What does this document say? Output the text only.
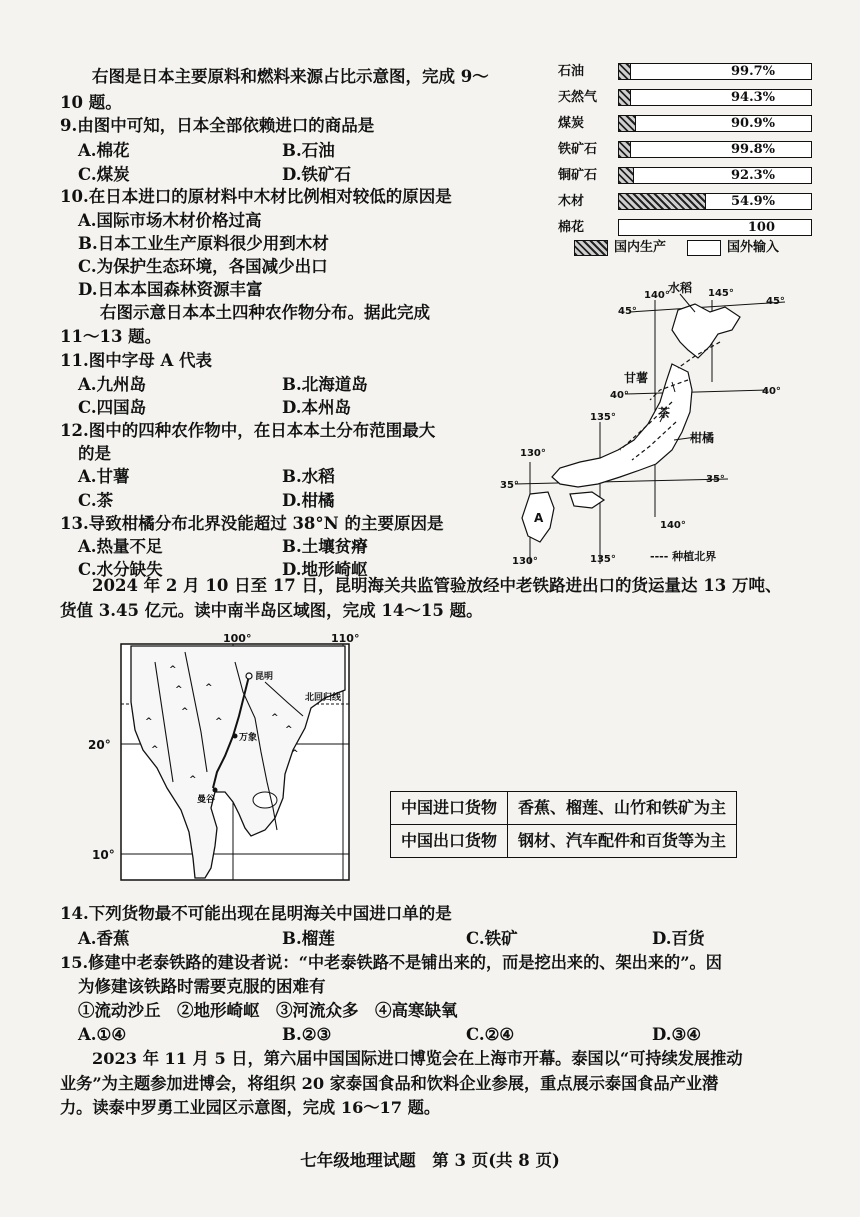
右图是日本主要原料和燃料来源占比示意图，完成 9～
10 题。
9.由图中可知，日本全部依赖进口的商品是
A.棉花	B.石油
C.煤炭	D.铁矿石
10.在日本进口的原材料中木材比例相对较低的原因是
A.国际市场木材价格过高
B.日本工业生产原料很少用到木材
C.为保护生态环境，各国减少出口
D.日本本国森林资源丰富
右图示意日本本土四种农作物分布。据此完成
11～13 题。
11.图中字母 A 代表
A.九州岛	B.北海道岛
C.四国岛	D.本州岛
12.图中的四种农作物中，在日本本土分布范围最大
的是
A.甘薯	B.水稻
C.茶	D.柑橘
13.导致柑橘分布北界没能超过 38°N 的主要原因是
A.热量不足	B.土壤贫瘠
C.水分缺失	D.地形崎岖
2024 年 2 月 10 日至 17 日，昆明海关共监管验放经中老铁路进出口的货运量达 13 万吨、
货值 3.45 亿元。读中南半岛区域图，完成 14～15 题。
石油	99.7%
天然气	94.3%
煤炭	90.9%
铁矿石	99.8%
铜矿石	92.3%
木材	54.9%
棉花	100
国内生产	国外输入
水稻
甘薯
茶
柑橘
140°	145°
135°
130°
140°
135°
130°
45°
45°
40°	40°
35°
35°
A
---- 种植北界
^
^
^
^
^
^
^
^
^
^
^
昆明
北回归线
万象
曼谷
100°	110°
20°
10°
中国进口货物	香蕉、榴莲、山竹和铁矿为主
中国出口货物	钢材、汽车配件和百货等为主
14.下列货物最不可能出现在昆明海关中国进口单的是
A.香蕉	B.榴莲	C.铁矿	D.百货
15.修建中老泰铁路的建设者说：“中老泰铁路不是铺出来的，而是挖出来的、架出来的”。因
为修建该铁路时需要克服的困难有
①流动沙丘　②地形崎岖　③河流众多　④高寒缺氧
A.①④	B.②③	C.②④	D.③④
2023 年 11 月 5 日，第六届中国国际进口博览会在上海市开幕。泰国以“可持续发展推动
业务”为主题参加进博会，将组织 20 家泰国食品和饮料企业参展，重点展示泰国食品产业潜
力。读泰中罗勇工业园区示意图，完成 16～17 题。
七年级地理试题　第 3 页(共 8 页)
